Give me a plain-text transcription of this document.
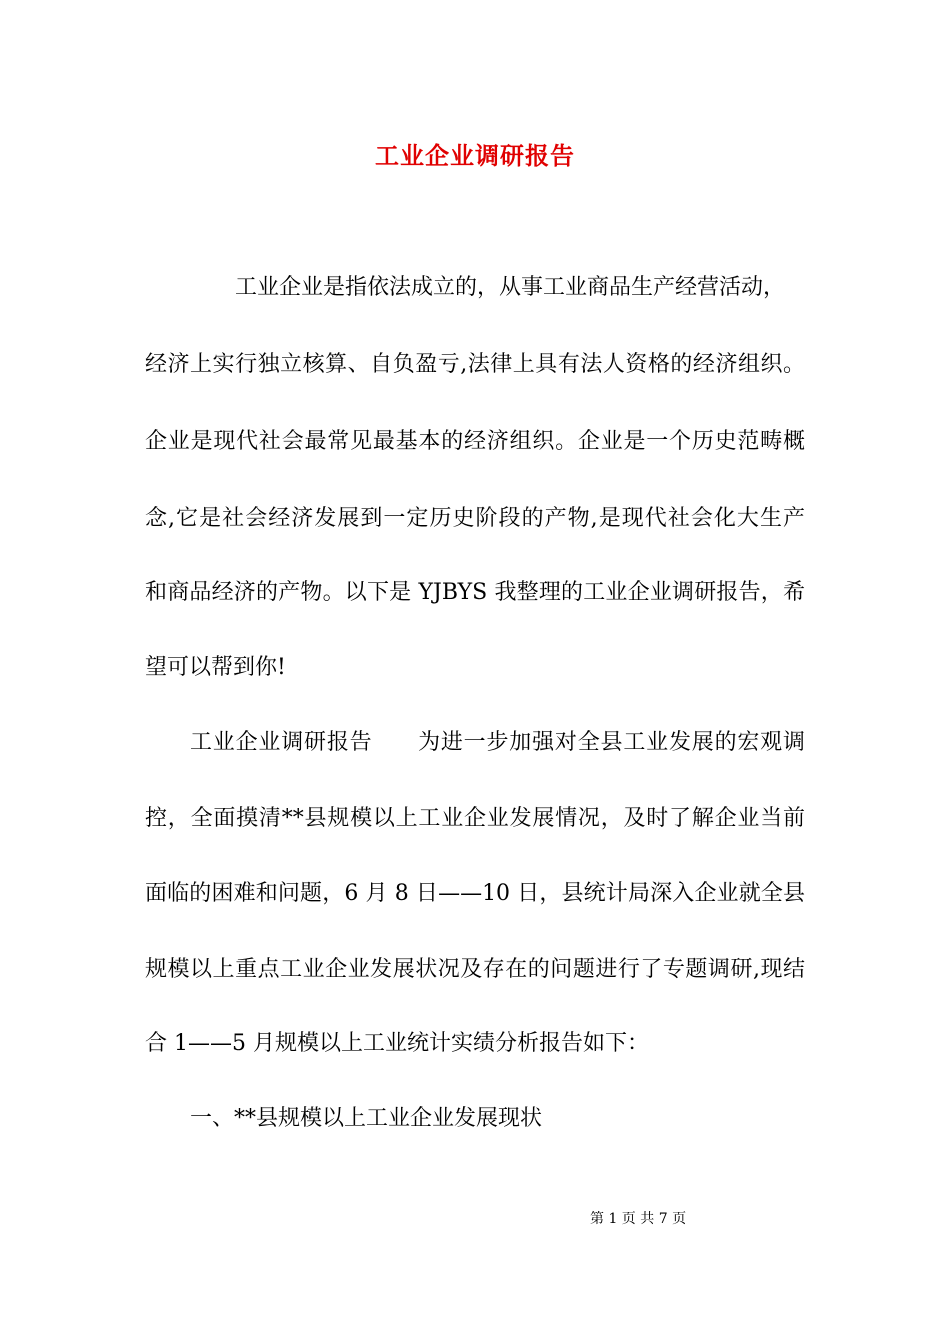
工业企业调研报告
工业企业是指依法成立的，从事工业商品生产经营活动，
经济上实行独立核算、自负盈亏,法律上具有法人资格的经济组织。
企业是现代社会最常见最基本的经济组织。企业是一个历史范畴概
念,它是社会经济发展到一定历史阶段的产物,是现代社会化大生产
和商品经济的产物。以下是 YJBYS 我整理的工业企业调研报告，希
望可以帮到你!
工业企业调研报告　　为进一步加强对全县工业发展的宏观调
控，全面摸清**县规模以上工业企业发展情况，及时了解企业当前
面临的困难和问题，6 月 8 日——10 日，县统计局深入企业就全县
规模以上重点工业企业发展状况及存在的问题进行了专题调研,现结
合 1——5 月规模以上工业统计实绩分析报告如下：
一、**县规模以上工业企业发展现状
第 1 页 共 7 页
